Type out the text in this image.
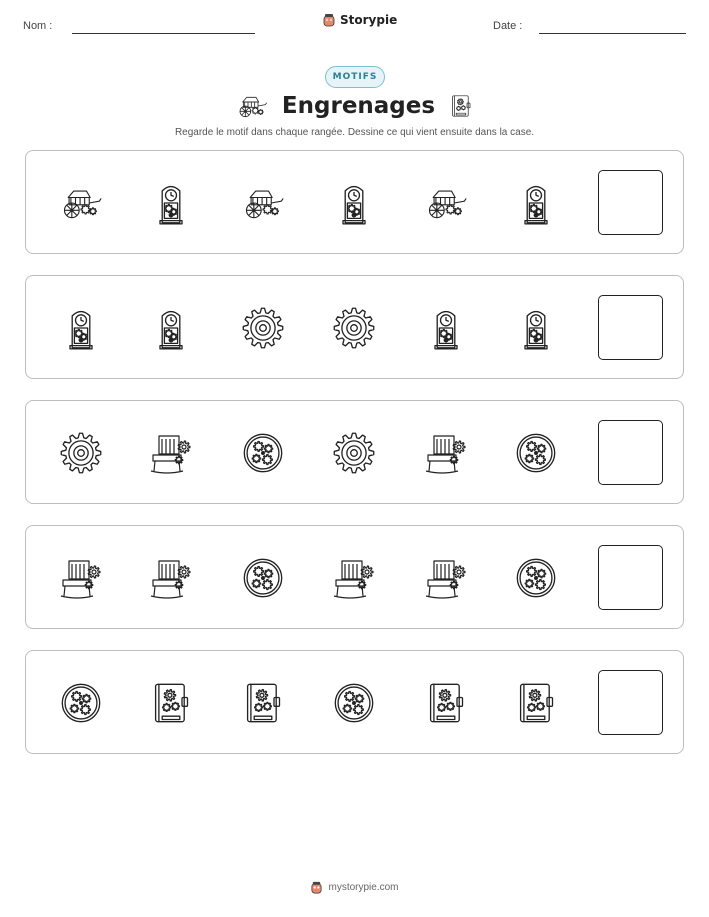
Nom :	Storypie	Date :
MOTIFS
Engrenages
Regarde le motif dans chaque rangée. Dessine ce qui vient ensuite dans la case.
mystorypie.com
